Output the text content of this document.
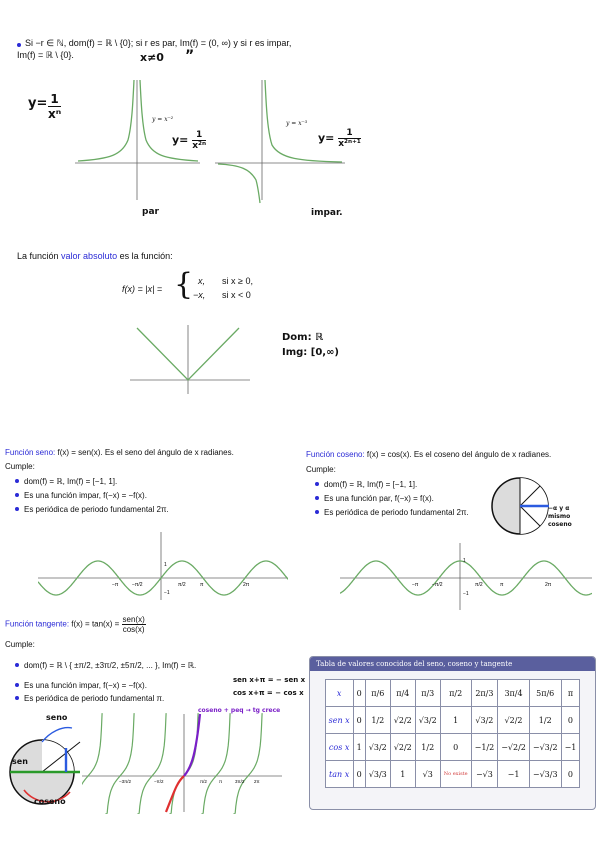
Si −r ∈ ℕ, dom(f) = ℝ \ {0}; si r es par, Im(f) = (0, ∞) y si r es impar,
Im(f) = ℝ \ {0}.	x≠0 ”
$y= \frac{1}{\text{xⁿ}}$	y = x⁻²
y = x⁻³
$y= \frac{1}{\text{x²ⁿ}}$	$y= \frac{1}{\text{x²ⁿ⁺¹}}$
par	impar.
La función valor absoluto es la función:
f(x) = |x| = { x, si x ≥ 0,
−x, si x < 0
Dom: ℝ
Img: [0,∞)
Función seno: f(x) = sen(x). Es el seno del ángulo de x radianes.
Cumple:
dom(f) = ℝ, Im(f) = [−1, 1].
Es una función impar, f(−x) = −f(x).
Es periódica de periodo fundamental 2π.
−π	−π/2	π/2	π	2π
1
−1
Función coseno: f(x) = cos(x). Es el coseno del ángulo de x radianes.
Cumple:
dom(f) = ℝ, Im(f) = [−1, 1].
Es una función par, f(−x) = f(x).
Es periódica de periodo fundamental 2π.	−α y α mismo coseno
−π	−π/2	π/2	π	2π
1
−1
Función tangente: $f(x) = \tan(x) = \frac{\text{sen(x)}}{\cos(x)}$
Cumple:
dom(f) = ℝ \ { ±π/2, ±3π/2, ±5π/2, ... }, Im(f) = ℝ.
Es una función impar, f(−x) = −f(x).
Es periódica de periodo fundamental π.
sen x+π = − sen x
cos x+π = − cos x
coseno + peq → tg crece
seno
sen
coseno
−3π/2	−π/2	π/2	π	3π/2 2π
Tabla de valores conocidos del seno, coseno y tangente
x	0	π/6	π/4	π/3	π/2	2π/3	3π/4	5π/6	π
sen x	0	1/2	√2/2	√3/2	1	√3/2	√2/2	1/2	0
cos x	1	√3/2	√2/2	1/2	0	−1/2	−√2/2	−√3/2	−1
tan x	0	√3/3	1	√3	No existe	−√3	−1	−√3/3	0
